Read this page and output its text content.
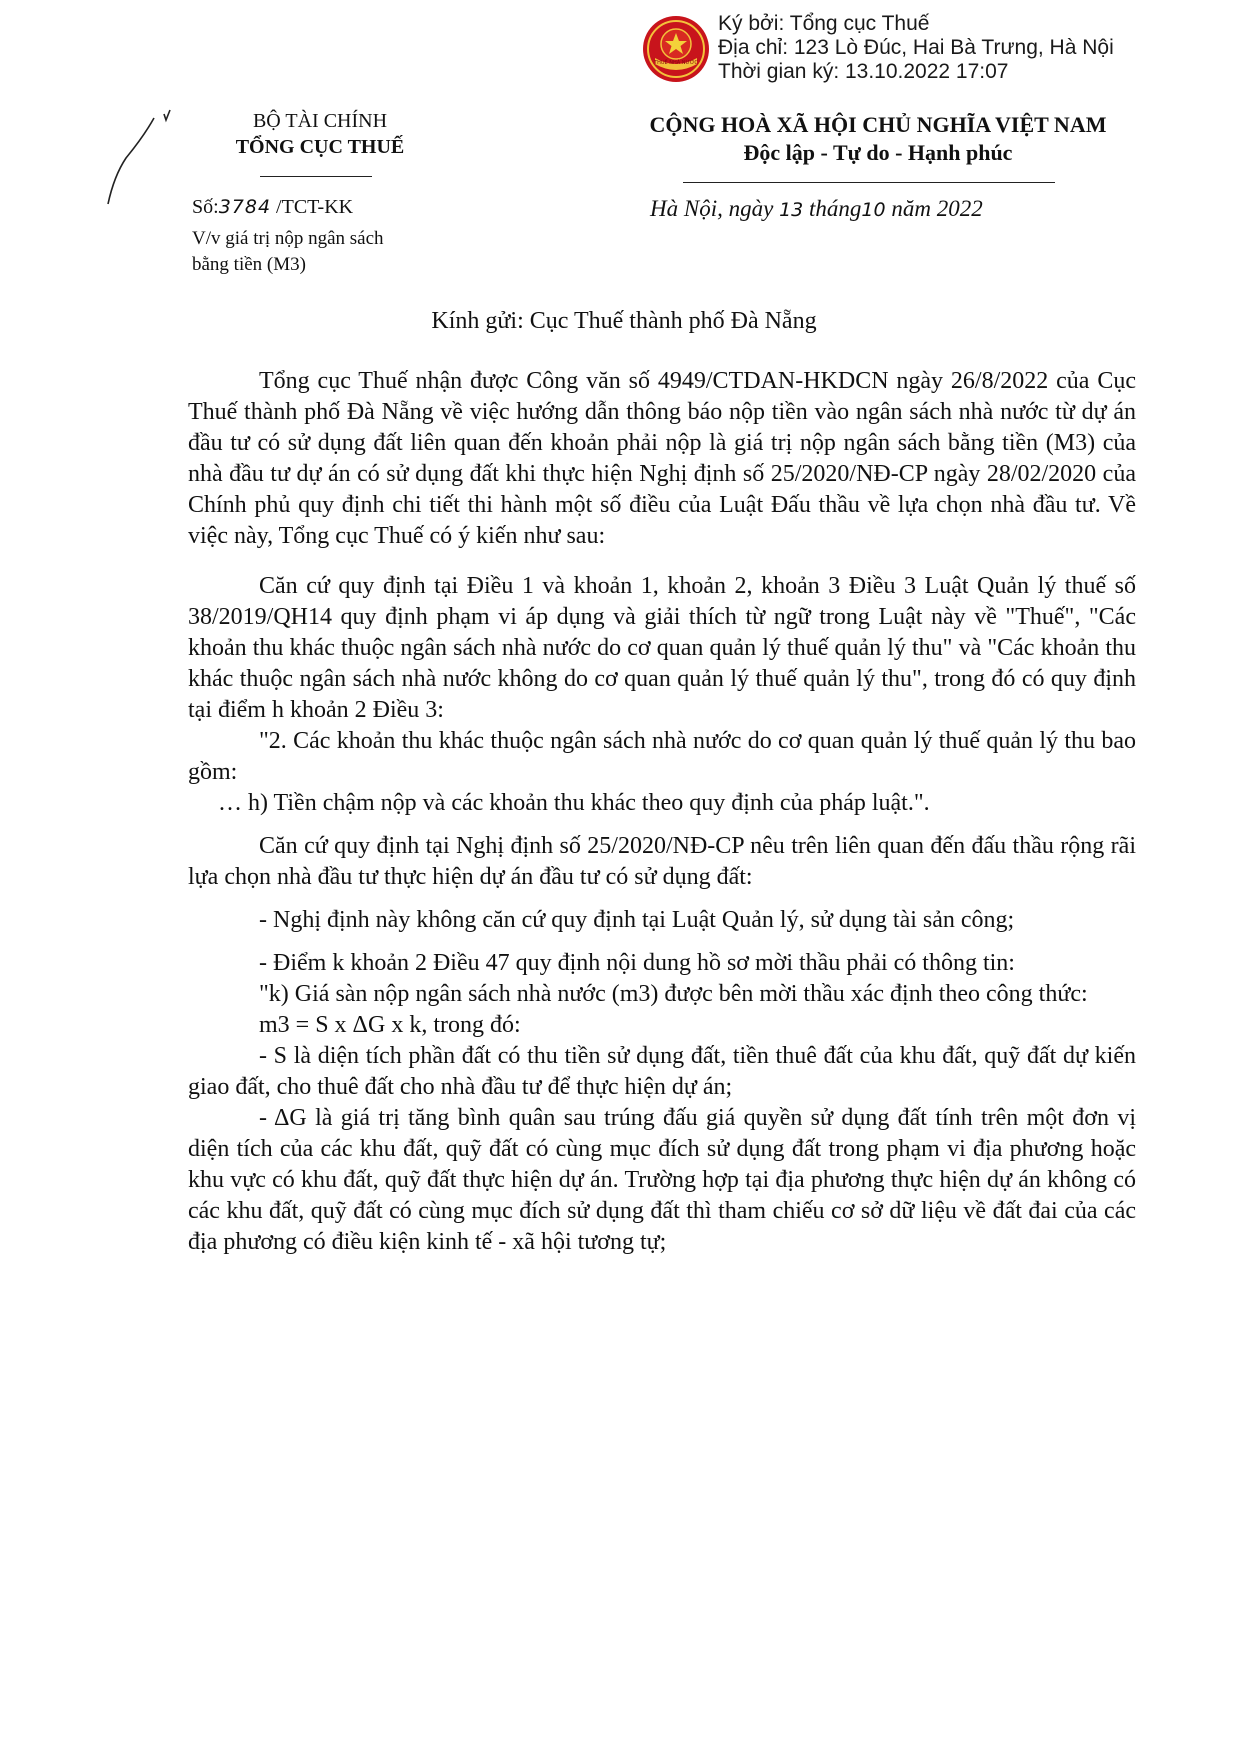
THUẾ NHÀ NƯỚC
Ký bởi: Tổng cục Thuế
Địa chỉ: 123 Lò Đúc, Hai Bà Trưng, Hà Nội
Thời gian ký: 13.10.2022 17:07
BỘ TÀI CHÍNH
TỔNG CỤC THUẾ
CỘNG HOÀ XÃ HỘI CHỦ NGHĨA VIỆT NAM
Độc lập - Tự do - Hạnh phúc
Số:3784 /TCT-KK
V/v giá trị nộp ngân sách
bằng tiền (M3)
Hà Nội, ngày 13 tháng10 năm 2022
Kính gửi: Cục Thuế thành phố Đà Nẵng

Tổng cục Thuế nhận được Công văn số 4949/CTDAN-HKDCN ngày 26/8/2022 của Cục Thuế thành phố Đà Nẵng về việc hướng dẫn thông báo nộp tiền vào ngân sách nhà nước từ dự án đầu tư có sử dụng đất liên quan đến khoản phải nộp là giá trị nộp ngân sách bằng tiền (M3) của nhà đầu tư dự án có sử dụng đất khi thực hiện Nghị định số 25/2020/NĐ-CP ngày 28/02/2020 của Chính phủ quy định chi tiết thi hành một số điều của Luật Đấu thầu về lựa chọn nhà đầu tư. Về việc này, Tổng cục Thuế có ý kiến như sau:

Căn cứ quy định tại Điều 1 và khoản 1, khoản 2, khoản 3 Điều 3 Luật Quản lý thuế số 38/2019/QH14 quy định phạm vi áp dụng và giải thích từ ngữ trong Luật này về "Thuế", "Các khoản thu khác thuộc ngân sách nhà nước do cơ quan quản lý thuế quản lý thu" và "Các khoản thu khác thuộc ngân sách nhà nước không do cơ quan quản lý thuế quản lý thu", trong đó có quy định tại điểm h khoản 2 Điều 3:

"2. Các khoản thu khác thuộc ngân sách nhà nước do cơ quan quản lý thuế quản lý thu bao gồm:

… h) Tiền chậm nộp và các khoản thu khác theo quy định của pháp luật.".

Căn cứ quy định tại Nghị định số 25/2020/NĐ-CP nêu trên liên quan đến đấu thầu rộng rãi lựa chọn nhà đầu tư thực hiện dự án đầu tư có sử dụng đất:

- Nghị định này không căn cứ quy định tại Luật Quản lý, sử dụng tài sản công;

- Điểm k khoản 2 Điều 47 quy định nội dung hồ sơ mời thầu phải có thông tin:

"k) Giá sàn nộp ngân sách nhà nước (m3) được bên mời thầu xác định theo công thức:

m3 = S x ΔG x k, trong đó:

- S là diện tích phần đất có thu tiền sử dụng đất, tiền thuê đất của khu đất, quỹ đất dự kiến giao đất, cho thuê đất cho nhà đầu tư để thực hiện dự án;

- ΔG là giá trị tăng bình quân sau trúng đấu giá quyền sử dụng đất tính trên một đơn vị diện tích của các khu đất, quỹ đất có cùng mục đích sử dụng đất trong phạm vi địa phương hoặc khu vực có khu đất, quỹ đất thực hiện dự án. Trường hợp tại địa phương thực hiện dự án không có các khu đất, quỹ đất có cùng mục đích sử dụng đất thì tham chiếu cơ sở dữ liệu về đất đai của các địa phương có điều kiện kinh tế - xã hội tương tự;
